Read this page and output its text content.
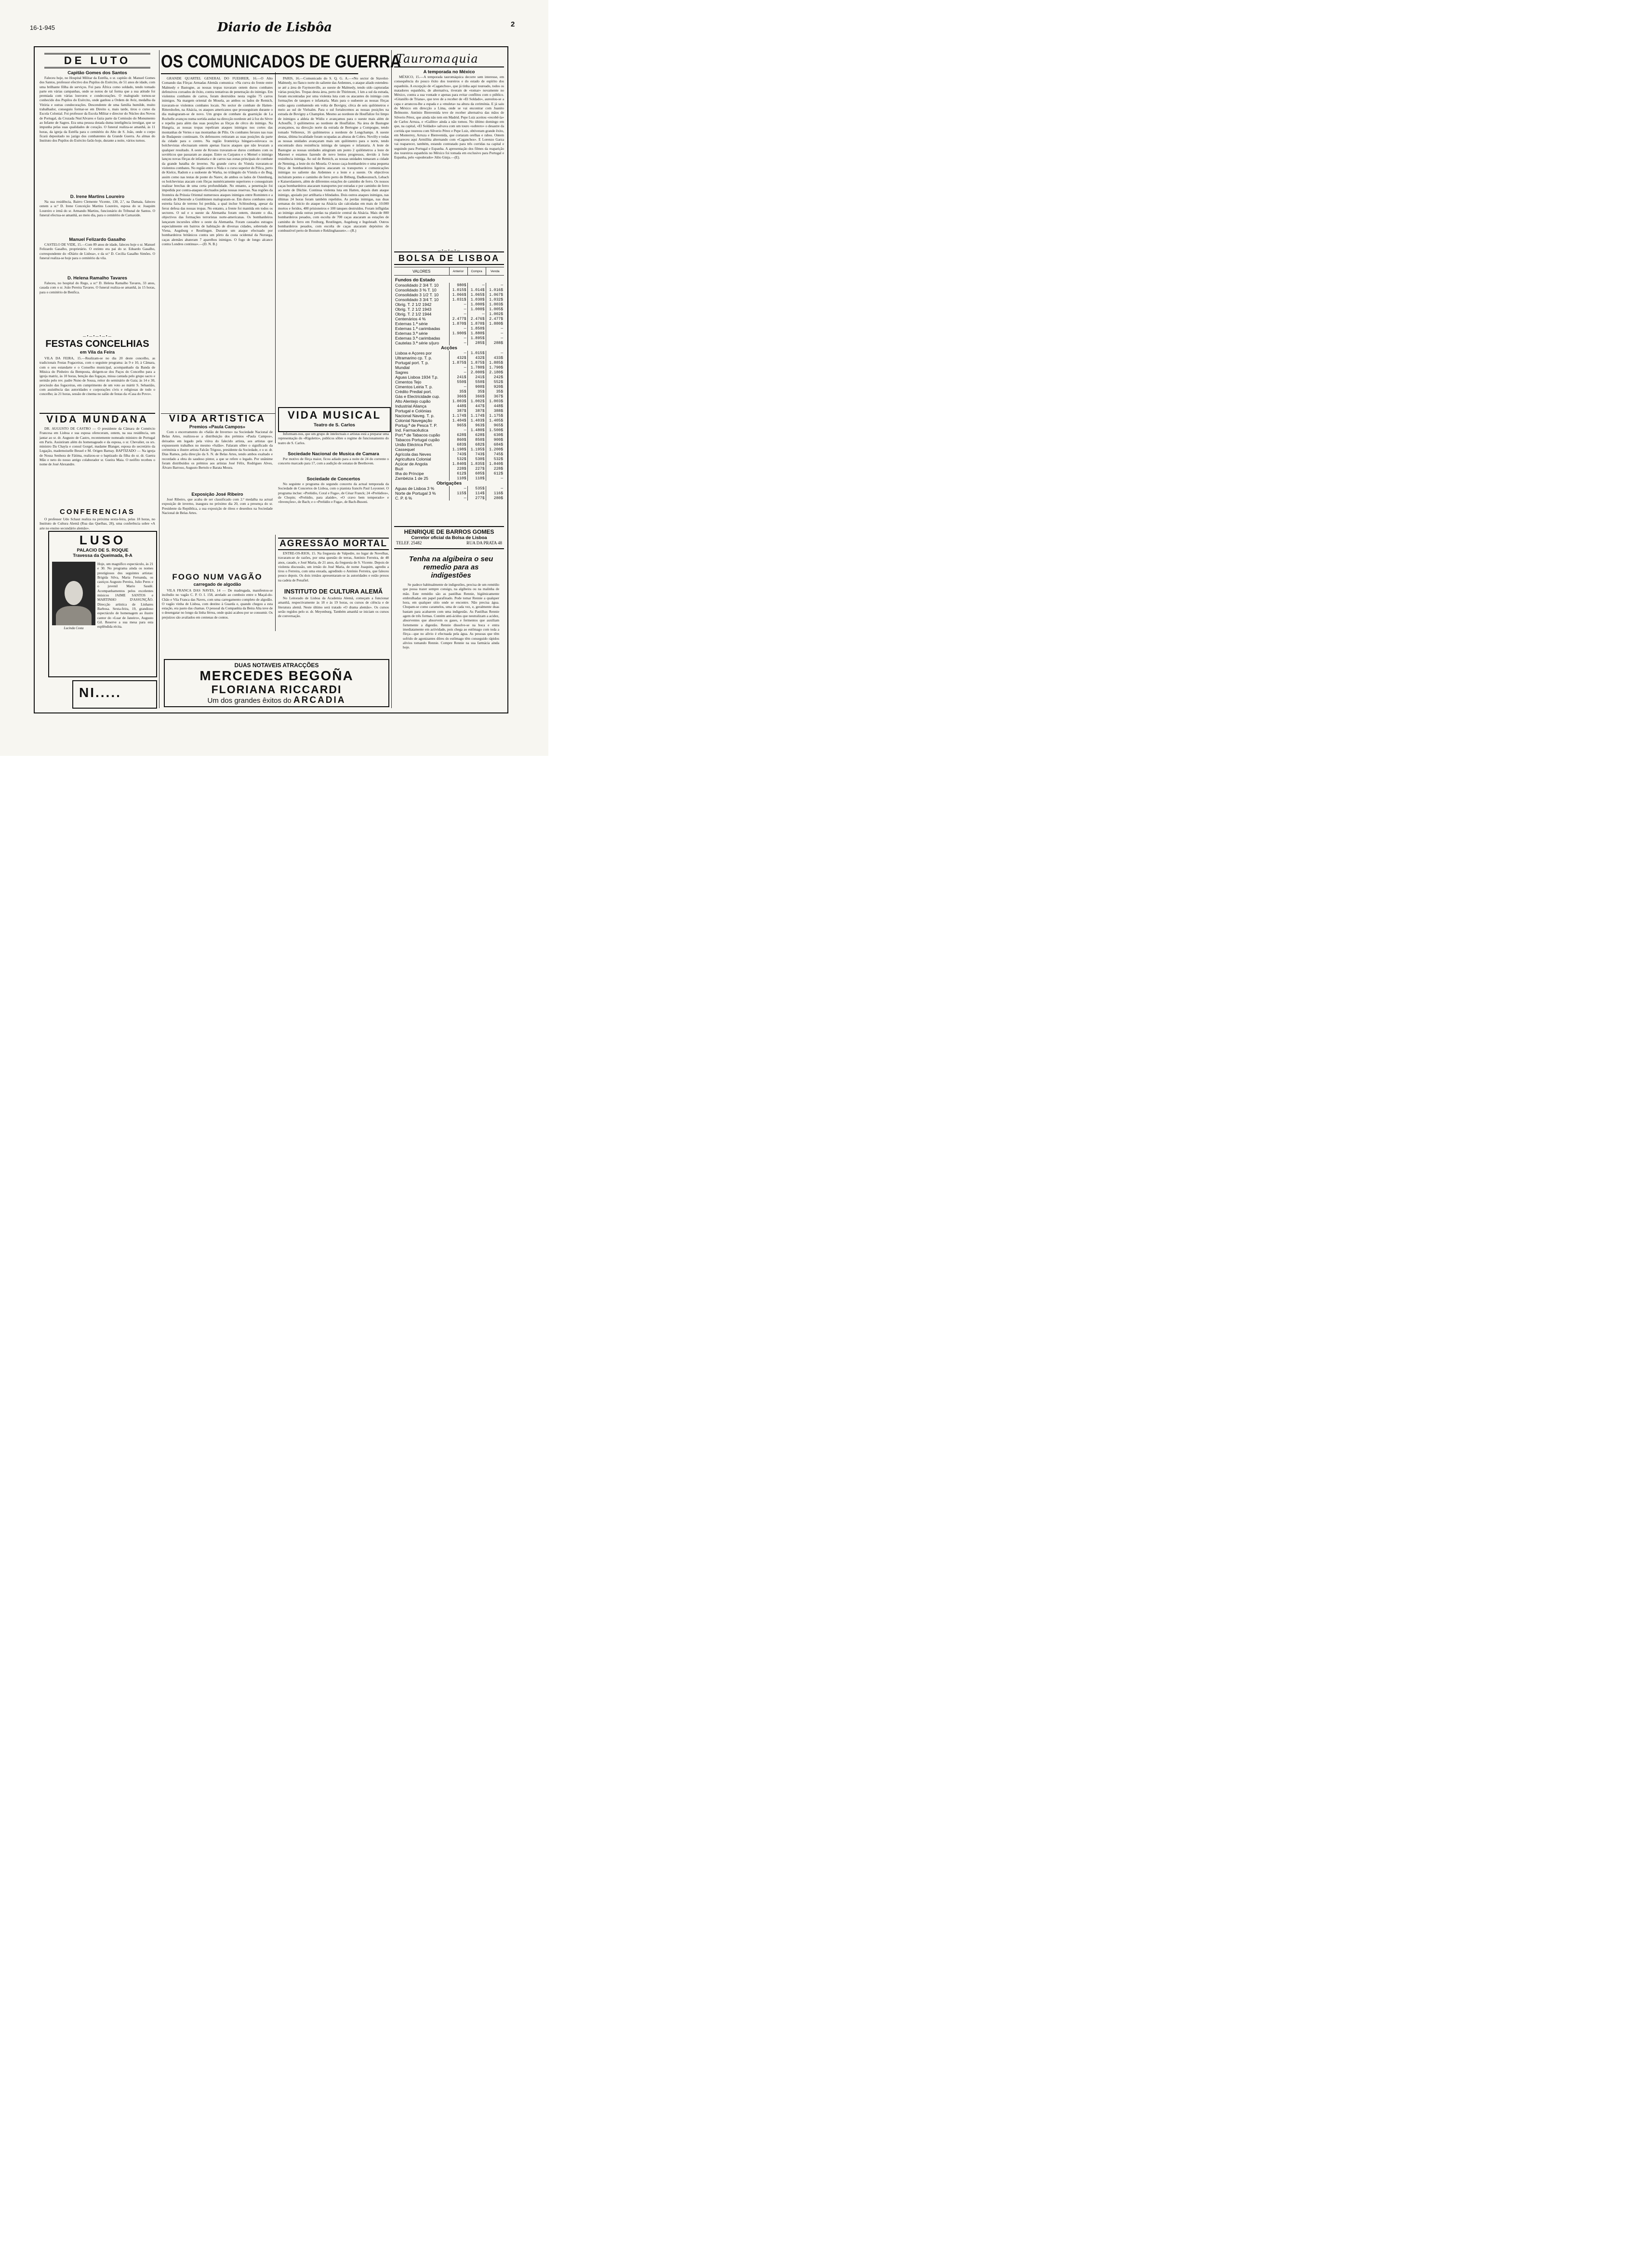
16-1-945	Diario de Lisbôa	2
DE LUTO
Capitão Gomes dos Santos
Faleceu hoje, no Hospital Militar da Estrêla, o sr. capitão dr. Manuel Gomes dos Santos, professor efectivo dos Pupilos do Exército, de 51 anos de idade, com uma brilhante fôlha de serviços. Foi para África como soldado, tendo tomado parte em várias campanhas, onde se notou de tal forma que a sua atitude foi premiada com várias louvores e condecorações. O malogrado tornou-se conhecido dos Pupilos do Exército, onde ganhou a Ordem de Aviz, medalha da Vitória e outras condecorações. Descendente de uma família humilde, muito trabalhador, conseguiu formar-se em Direito e, mais tarde, tirou o curso da Escola Colonial. Foi professor da Escola Militar e director do Núcleo dos Novos de Portugal, da Cruzada Nun'Alvares e fazia parte da Comissão do Monumento ao Infante de Sagres. Era uma pessoa dotada duma inteligência invulgar, que se impunha pelas suas qualidades de coração. O funeral realiza-se amanhã, às 11 horas, da igreja da Estrêla para o cemitério do Alto de S. João, onde o corpo ficará depositado no jazigo dos combatentes da Grande Guerra. As almas do Instituto dos Pupilos do Exército farão hoje, durante a noite, vários turnos.
D. Irene Martins Loureiro
Na sua residência, Bairro Clemente Vicente, 130, 2.º, na Damaia, faleceu ontem a sr.ª D. Irene Conceição Martins Loureiro, esposa do sr. Joaquim Loureiro e irmã do sr. Armando Martins, funcionário do Tribunal de Santos. O funeral efectua-se amanhã, ao meio dia, para o cemitério de Carnaxide.
Manuel Felizardo Gasalho
CASTELO DE VIDE, 15.—Com 89 anos de idade, faleceu hoje o sr. Manuel Felizardo Gasalho, proprietário. O extinto era pai do sr. Eduardo Gasalho, correspondente do «Diário de Lisboa», e da sr.ª D. Cecília Gasalho Simões. O funeral realiza-se hoje para o cemitério da vila.
D. Helena Ramalho Tavares
Faleceu, no hospital do Rego, a sr.ª D. Helena Ramalho Tavares, 33 anos, casada com o sr. João Pereira Tavares. O funeral realiza-se amanhã, às 15 horas, para o cemitério de Benfica.
—•—•—•—•—
FESTAS CONCELHIAS
em Vila da Feira
VILA DA FEIRA, 15.—Realizam-se no dia 20 deste concelho, as tradicionais Festas Fogaceiras, com o seguinte programa: às 9 e 10, à Câmara, com o seu estandarte e o Conselho municipal, acompanhado da Banda de Música do Pinheiro da Bemposta, dirigem-se dos Paços do Concelho para a igreja matriz, às 10 horas, benção das fogaças, missa cantada pelo grupo sacro e sermão pelo rev. padre Nuno de Sousa, reitor do seminário de Gaia; às 14 e 30, procissão das fogaceiras, em cumprimento de um voto ao mártir S. Sebastião, com assistência das autoridades e corporações civis e religiosas de todo o concelho; às 21 horas, sessão de cinema no salão de festas da «Casa do Povo».
VIDA MUNDANA
DR. AUGUSTO DE CASTRO — O presidente da Câmara de Comércio Francesa em Lisboa e sua esposa ofereceram, ontem, na sua residência, um jantar ao sr. dr. Augusto de Castro, recentemente nomeado ministro de Portugal em Paris. Assistiram além do homenageado e da esposa, o sr. Chevalier, os srs. ministro Da Chayla e consul Gorgel, madame Blanger, esposa do secretário da Legação, mademoiselle Bessel e M. Origen Barnay. BAPTIZADO — Na igreja de Nossa Senhora de Fátima, realizou-se o baptizado da filha do sr. dr. Gaetra Mão e neto do nosso antigo colaborador sr. Gueira Maia. O neófito recebeu o nome de José Alexandre.
CONFERENCIAS
O professor Udo Schaut realiza na próxima sexta-feira, pelas 18 horas, no Instituto de Cultura Alemã (Rua das Quelhas, 28), uma conferência sobre «A arte no ensino secundário alemão».
LUSO
PALACIO DE S. ROQUE
Travessa da Queimada, 8-A
Lucinda Costa
Hoje, um magnífico espectáculo, às 21 e 30. No programa ainda os nomes prestigiosos dos seguintes artistas: Brigida Silva, Maria Fernanda, os castiços Augusto Pereira, Julio Peres e o juvenil Mario Saudé. Acompanhamentos pelos excelentes músicos JAIME SANTOS e MARTINHO D'ASSUNÇÃO. Direcção artística de Linhares Barbosa. Sexta-feira, 19, grandioso espectáculo de homenagem ao ilustre cantor do «Luar de Janeiro», Augusto Gil. Reserve a sua mesa para esta esplêndida récita.
NI.....
OS COMUNICADOS DE GUERRA
GRANDE QUARTEL GENERAL DO FUEHRER, 16.—O Alto Comando das Fôrças Armadas Alemãs comunica: «Na curva do frente entre Malmedy e Bastogne, as nossas tropas travaram ontem duros combates defensivos coroados de êxito, contra tentativas de penetração do inimigo. Em violentos combates de carros, foram destruídos nesta região 75 carros inimigos. Na margem oriental do Mosela, ao ambos os lados de Remich, travaram-se violentos combates locais. No sector de combate de Hatten-Rittershofen, na Alsácia, os ataques americanos que prosseguiram durante o dia malograram-se de novo. Um grupo de combate da guarnição de La Rochelle avançou numa sortida audaz na direcção nordeste até à foz do Sèvre e repeliu para além das suas posições as fôrças de cêrco do inimigo. Na Hungria, as nossas tropas repeliram ataques inimigos nos cortes das montanhas de Vertes e nas montanhas de Pilis. Os combates ferozes nas ruas de Budapeste continuam. Os defensores retiraram as suas posições da parte da cidade para o centro. Na região fronteiriça húngaro-eslovaca os bolchevistas efectuaram ontem apenas fracos ataques que não levaram a qualquer resultado. A oeste de Krosno travaram-se duros combates com os soviéticos que passaram ao ataque. Entre os Carpatos e o Memel o inimigo lançou novas fôrças de infantaria e de carros nas zonas principais de combate da grande batalha de inverno. Na grande curva do Vistula travaram-se violentos combates. No região entre o Nida e o curso superior do Pilica, perto de Kielce, Radom e a sudoeste de Warka, no triângulo do Vístula e do Bug, assim como nas testas de ponte do Narev, de ambos os lados de Ostenburg, os bolchevistas atacam com fôrças numèricamente superiores e conseguiram realizar brechas de uma certa profundidade. No entanto, a penetração foi impedida por contra-ataques efectuados pelas nossas reservas. Nas regiões da fronteira da Prússia Oriental numerosos ataques inimigos entre Rominten e a estrada de Ebenrode a Gumbinnen malograram-se. Em duros combates uma estreita faixa de terreno foi perdida, a qual inclue Schlossberg, apesar da feroz defesa das nossas tropas. No entanto, a frente foi mantida em todos os sectores. O sul e o sueste da Alemanha foram ontem, durante o dia, objectivos das formações terroristas norte-americanas. Os bombardeiros lançaram incursões sôbre o oeste da Alemanha. Foram causados estragos especialmente em bairros de habitação de diversas cidades, sobretudo de Viena, Augsburg e Reutlingen. Durante um ataque efectuado por bombardeiros britânicos contra um pôrto da costa ocidental da Noruega, caças alemães abateram 7 aparelhos inimigos. O fogo de longo alcance contra Londres continua».—(D. N. B.)
PARIS, 16.—Comunicado do S. Q. G. A.—«No sector de Stavelot-Malmedy, no flanco norte do saliente das Ardennes, o ataque aliado estendeu-se até a área de Faymonville, ao sueste de Malmedy, tendo sido capturadas várias posições. Tropas desta área, perto de Thirimont, 1 km a sul da estrada, foram encontradas por uma violenta luta com os atacantes do inimigo com formações de tanques e infantaria. Mais para o sudoeste as nossas fôrças estão agora combatendo em volta de Bovigny, cêrca de seis quilómetros e meio ao sul de Vielsalm. Para o sul fortalecemos as nossas posições na estrada de Bovigny a Champlon. Mesmo ao nordeste de Houffalize foi limpo de inimigos a aldeia de Widiu e avançamos para o sueste mais além de Achouffe, 3 quilómetros ao nordeste de Houffalize. Na área de Bastogne avançamos, na direcção norte da estrada de Bertogne a Compogne, tendo tomado Vellereux, 16 quilómetros a nordeste de Longchamps. A sueste destas, última localidade foram ocupadas as alturas de Cobru. Novilly e todas as nossas unidades avançaram mais um quilómetro para o norte, tendo encontrado dura resistência inimiga de tanques e infantaria. A leste de Bastogne as nossas unidades atingiram um ponto 2 quilómetros a leste de Marenet e estamos fazendo de novo lentos progressos, devido à forte resistência inimiga. Ao sul de Remich, as nossas unidades tomaram a cidade de Nenning, a leste do rio Mosela. O nosso caça-bombardeiro e uma pequena fôrça de bombardeiros ligeiros atacaram os transportes e comunicações inimigas no saliente das Ardennes e a leste e a sueste. Os objectivos incluíram pontes e caminho de ferro perto de Bitburg, Dadkeoznuch, Lebach e Kaiserslautern, além de diferentes estações de caminho de ferro. Os nossos caças bombardeiros atacaram transportes por estradas e por caminho de ferro ao norte de Düchie. Continua violenta luta em Hatten, depois dum ataque inimigo, apoiado por artilharia e blindados. Dois outros ataques inimigos, nas últimas 24 horas foram também repelidos. As perdas inimigas, nas duas semanas do início do ataque na Alsácia são calculadas em mais de 10.000 mortos e feridos, 400 prisioneiros e 100 tanques destruídos. Foram infligidas ao inimigo ainda outras perdas na planície central da Alsácia. Mais de 800 bombardeiros pesados, com escolta de 700 caças atacaram as estações de caminho de ferro em Freiburg, Reutlingen, Augsburg e Ingolstadt. Outros bombardeiros pesados, com escolta de caças atacaram depósitos de combustível perto de Bostum e Reklinghausen».—(R.)
VIDA ARTISTICA
Premios «Paula Campos»
Com o encerramento do «Salão de Inverno» na Sociedade Nacional de Belas Artes, realizou-se a distribuição dos prémios «Paula Campos», deixados em legado pela viúva do falecido artista, aos artistas que expusessem trabalhos no mesmo «Salão». Falaram sôbre o significado da cerimónia o ilustre artista Falcão Trigoso, presidente da Sociedade, e o sr. dr. Dias Ramos, pela direcção da S. N. de Belas Artes, tendo ambos exaltado e recordado a obra do saudoso pintor, a que se refere o legado. Por unânime foram distribuídos os prémios aos artistas José Félix, Rodrigues Alves, Álvaro Barroso, Augusto Bertolo e Barata Moura.
Exposição José Ribeiro
José Ribeiro, que acaba de ser classificado com 2.ª medalha na actual exposição de inverno, inaugura no próximo dia 20, com a presença do sr. Presidente da República, a sua exposição de óleos e desenhos na Sociedade Nacional de Belas Artes.
FOGO NUM VAGÃO
carregado de algodão
VILA FRANCA DAS NAVES, 14 — De madrugada, manifestou-se incêndio no vagão C. P. O. I. 158, atrelado ao comboio entre o Maçal-do-Chão e Vila Franca das Naves, com uma carregamento completo de algodão. O vagão vinha de Lisboa, com destino à Guarda e, quando chegou a esta estação, era pasto das chamas. O pessoal da Companhia da Beira Alta teve de o desengatar no longo da linha férrea, onde quási acabou por se consumir. Os prejuízos são avaliados em centenas de contos.
VIDA MUSICAL
Teatro de S. Carlos
Informam-nos, que um grupo de intelectuais e artistas está a preparar uma representação do «Rigoletto», publicos sôbre o regime de funcionamento do teatro de S. Carlos.
Sociedade Nacional de Musica de Camara
Por motivo de fôrça maior, ficou adiado para a noite de 24 do corrente o concerto marcado para 17, com a audição de sonatas de Beethoven.
Sociedade de Concertos
No seguinte e programa do segundo concerto da actual temporada da Sociedade de Concertos de Lisboa, com o pianista francês Paul Loyonnet. O programa inclue: «Prelúdio, Coral e Fuga», de César Franck; 24 «Prelúdios», de Chopin; «Prelúdio, para alaúde», «O cravo bem temperado» e «Invenções», de Bach; e o «Prelúdio e Fuga», de Bach-Busoni.
AGRESSÃO MORTAL
ENTRE-OS-RIOS, 15. Na freguesia de Valpedre, no lugar de Novelhas, travaram-se de razões, por uma questão de terras, António Ferreira, de 48 anos, casado, e José Maria, de 21 anos, da freguesia de S. Vicente. Depois de violenta discussão, um irmão do José Maria, de nome Joaquim, agrediu a tiros o Ferreira, com uma enxada, agredindo o António Ferreira, que faleceu pouco depois. Os dois irmãos apresentaram-se às autoridades e estão presos na cadeia de Penafiel.
INSTITUTO DE CULTURA ALEMÃ
No Leitorado de Lisboa da Academia Alemã, começam a funcionar amanhã, respectivamente às 18 e às 19 horas, os cursos de ciência e de literatura alemã. Neste último será tratado «O drama alemão». Os cursos serão regidos pelo sr. dr. Meyenburg. Também amanhã se iniciam os cursos de conversação.
DUAS NOTAVEIS ATRACÇÕES
MERCEDES BEGOÑA
FLORIANA RICCARDI
Um dos grandes êxitos do ARCADIA
Tauromaquia
A temporada no México
MÉXICO, 15.—A temporada tauromáquica decorre sem interesse, em consequência do pouco êxito dos toureiros e do estado de espírito dos espanhóis. A excepção de «Caganchos», que já tinha aqui toureado, todos os matadores espanhóis, de alternativa, tiveram de «tomar» novamente no México, contra a sua vontade e apenas para evitar conflitos com o público. «Gitanillo de Triana», que teve de a receber de «El Soldado», aureolou-se a capa e arrancou-lhe a espada e a «muleta» na altura da cerimónia. E já saiu do México em direcção a Lima, onde se vai encontrar com Juanito Belmonte. António Bienvenida teve de receber alternativa das mãos de Silverio Pérez, que ainda não tem em Madrid. Pepe Luiz aceitou «recebê-la» de Carlos Arruza, e «Gallito» ainda a não tomou. No último domingo em que, na capital, «El Soldado» salvava com um touro «sobrero» o desastre da corrida que toureou com Silverio Pérez e Pepe Luiz, obtiveram grande êxito, em Monterrey, Arruza e Bienvenida, que cortaram orelhas e rabos. Ontem reapareceu aqui Armillita alternando com «Caganchos». E Lorenzo Garza vai reaparecer, também, estando contratado para três corridas na capital e seguindo para Portugal e Espanha. A apresentação dos filmes da reaparição dos toureiros espanhóis no México foi tomada em exclusivo para Portugal e Espanha, pelo «apoderado» Júlio Ginja.—(E).
—•—•—•—
BOLSA DE LISBOA
VALORES	Anterior	Compra	Venda
Fundos do Estado			
Consolidado 2 3/4 T. 10	980$	—	—
Consolidado 3 % T. 10	1.015$	1.014$	1.016$
Consolidado 3 1/2 T. 10	1.066$	1.065$	1.067$
Consolidado 3 3/4 T. 10	1.031$	1.030$	1.032$
Obrig. T. 2 1/2 1942	—	1.000$	1.003$
Obrig. T. 2 1/2 1943	—	1.000$	1.005$
Obrig. T. 2 1/2 1944	—	—	1.002$
Centenários 4 %	2.477$	2.476$	2.477$
Externas 1.ª série	1.870$	1.870$	1.880$
Externas 1.ª carimbadas	—	1.850$	—
Externas 3.ª série	1.900$	1.880$	—
Externas 3.ª carimbadas	—	1.895$	—
Cautelas 3.ª série s/juro	—	285$	288$
Acções			
Lisboa e Açores por	—	1.015$	—
Ultramarino cp. T. p.	432$	432$	433$
Portugal port. T. p.	1.875$	1.875$	1.885$
Mundial	—	1.780$	1.790$
Sagres	—	2.000$	2.180$
Aguas Lisboa 1934 T.p.	241$	241$	242$
Cimentos Tejo	550$	550$	552$
Cimentos Leiria T. p.	—	900$	920$
Crédito Predial port.	35$	35$	35$
Gás e Electricidade cup.	366$	366$	367$
Alto Alentejo cupão	1.003$	1.002$	1.003$
Industrial Aliança	448$	447$	448$
Portugal e Colónias	387$	387$	388$
Nacional Naveg. T. p.	1.174$	1.174$	1.175$
Colonial Navegação	1.404$	1.403$	1.405$
Portug.ª de Pesca T. P.	965$	963$	965$
Ind. Farmacêutica	—	1.480$	1.500$
Port.ª de Tabacos cupão	628$	628$	630$
Tabacos Portugal cupão	860$	850$	900$
União Eléctrica Port.	683$	682$	684$
Cassequel	1.198$	1.195$	1.200$
Agrícola das Neves	743$	743$	745$
Agricultura Colonial	532$	530$	532$
Açúcar de Angola	1.840$	1.835$	1.840$
Buzi	228$	227$	228$
Ilha do Príncipe	612$	605$	612$
Zambézia 1 de 25	110$	110$	—
Obrigações			
Aguas de Lisboa 3 %	—	535$	—
Norte de Portugal 3 %	115$	114$	116$
C. P. 6 %	—	277$	280$
HENRIQUE DE BARROS GOMES
Corretor oficial da Bolsa de Lisboa
TELEF. 25482	RUA DA PRATA 48
Tenha na algibeira o seu remedio para as indigestões
Se padece habitualmente de indigestões, precisa de um remédio que possa trazer sempre consigo, na algibeira ou na malinha de mão. Este remédio são as pastilhas Rennie, higiènicamente embrulhadas em papel parafinado. Pode tomar Rennie a qualquer hora, em qualquer sitio onde se encontre. Não precisa água. Chupam-se como caramelos, uma de cada vez, e, geralmente duas bastam para acabarem com uma indigestão. As Pastilhas Rennie agem de três formas. Contém anti-ácidos que neutralizam a acidez, absorventes que absorvem os gases, e fermentos que auxiliam fortemente a digestão. Rennie dissolve-se na boca e entra imediatamente em actividade, pois chega ao estômago com toda a fôrça—que no alívio é efectuada pela água. As pessoas que têm sofrido de agonizantes dôres do estômago têm conseguido rápidos alivios tomando Rennie. Compre Rennie na sua farmácia ainda hoje.
